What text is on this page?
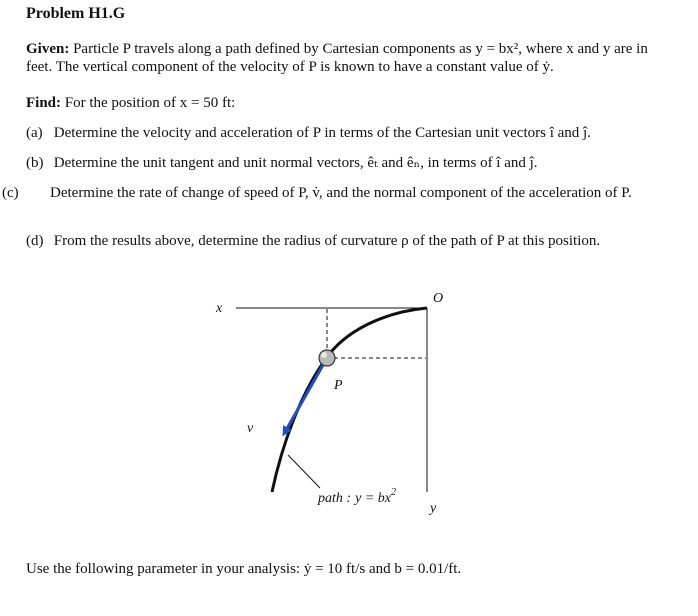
Problem H1.G
Given: Particle P travels along a path defined by Cartesian components as y = bx², where x and y are in feet. The vertical component of the velocity of P is known to have a constant value of ẏ.
Find: For the position of x = 50 ft:
(a) Determine the velocity and acceleration of P in terms of the Cartesian unit vectors î and ĵ.
(b) Determine the unit tangent and unit normal vectors, êₜ and êₙ, in terms of î and ĵ.
(c) Determine the rate of change of speed of P, v̇, and the normal component of the acceleration of P.
(d) From the results above, determine the radius of curvature ρ of the path of P at this position.
x
O
P
v
path : $y = bx^2$
y
Use the following parameter in your analysis: ẏ = 10 ft/s and b = 0.01/ft.
